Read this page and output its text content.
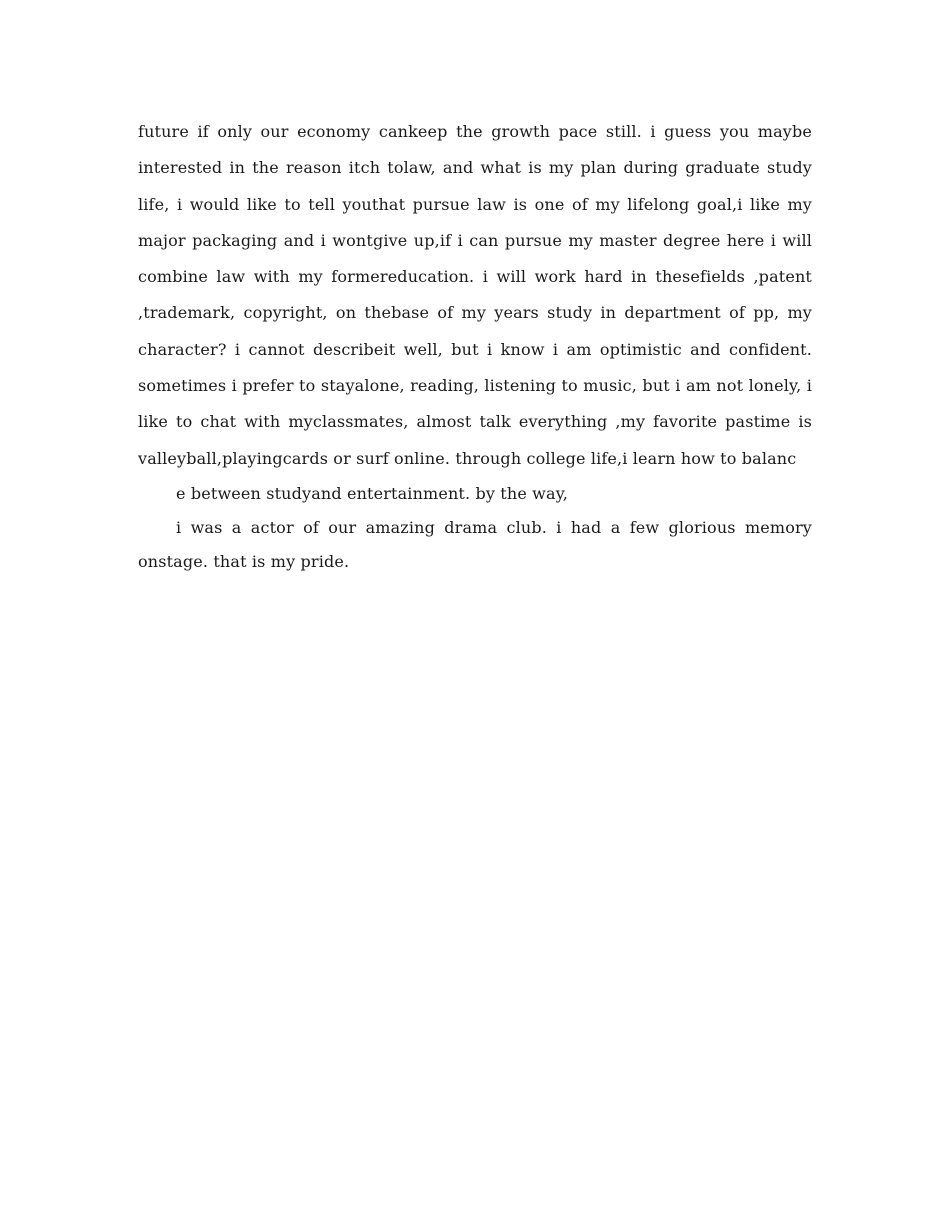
future if only our economy cankeep the growth pace still. i guess you maybe interested in the reason itch tolaw, and what is my plan during graduate study life, i would like to tell youthat pursue law is one of my lifelong goal,i like my major packaging and i wontgive up,if i can pursue my master degree here i will combine law with my formereducation. i will work hard in thesefields ,patent ,trademark, copyright, on thebase of my years study in department of pp, my character? i cannot describeit well, but i know i am optimistic and confident. sometimes i prefer to stayalone, reading, listening to music, but i am not lonely, i like to chat with myclassmates, almost talk everything ,my favorite pastime is valleyball,playingcards or surf online. through college life,i learn how to balanc

e between studyand entertainment. by the way,

i was a actor of our amazing drama club. i had a few glorious memory onstage. that is my pride.
